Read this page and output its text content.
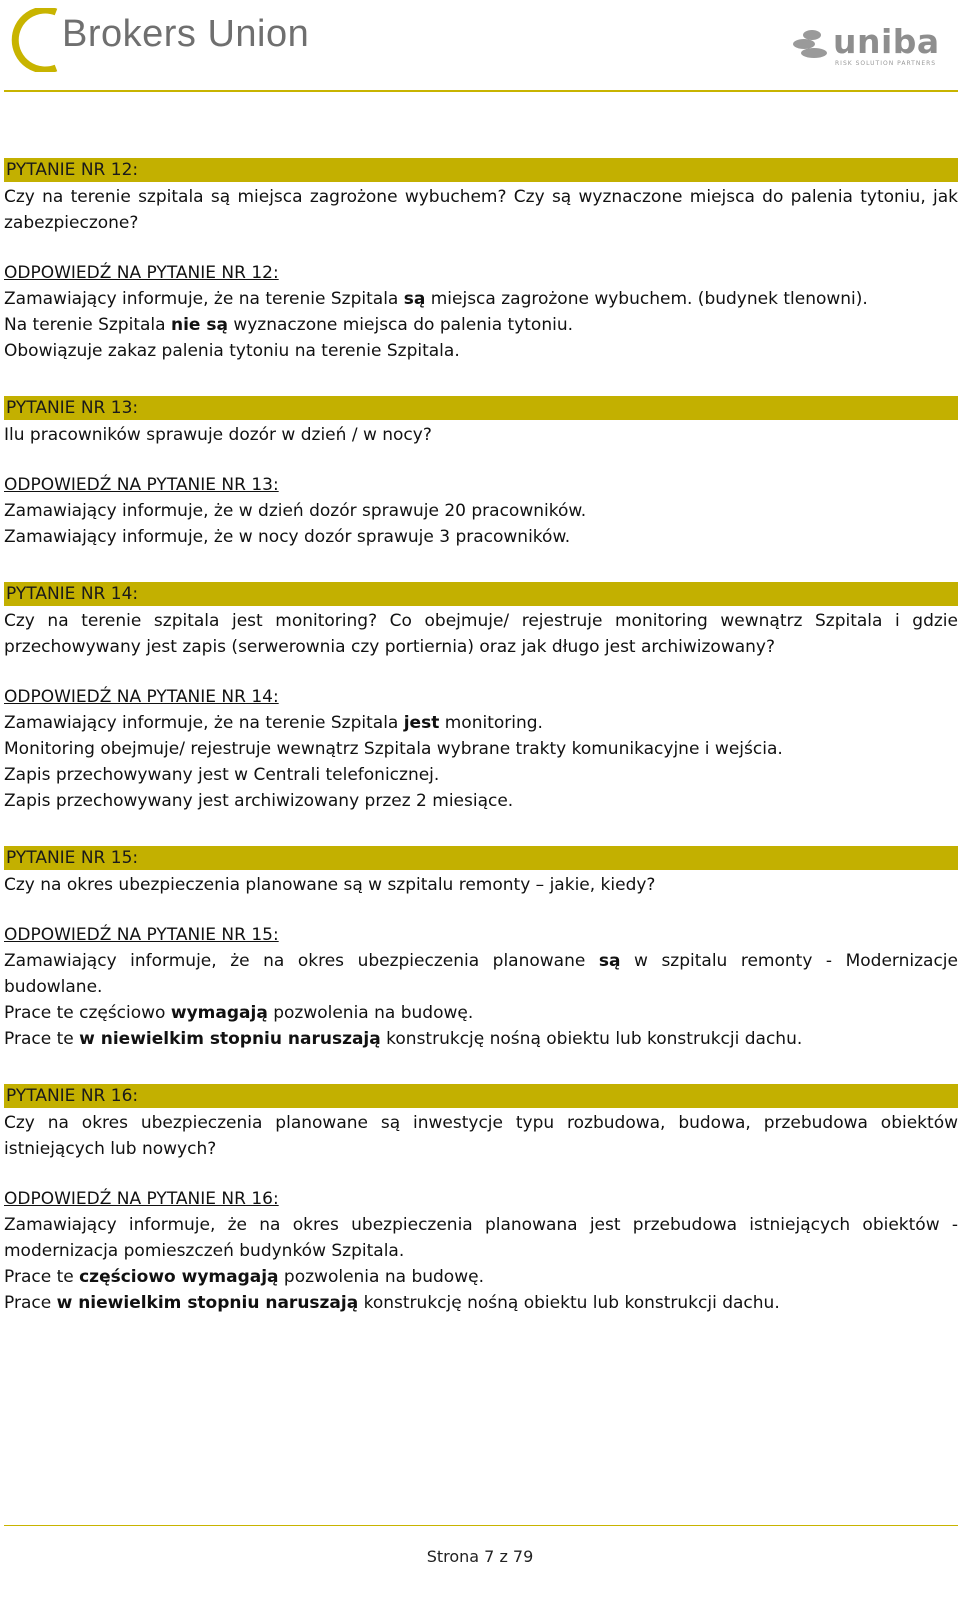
Brokers Union	uniba
RISK SOLUTION PARTNERS
PYTANIE NR 12:

Czy na terenie szpitala są miejsca zagrożone wybuchem? Czy są wyznaczone miejsca do palenia tytoniu, jak zabezpieczone?

ODPOWIEDŹ NA PYTANIE NR 12:

Zamawiający informuje, że na terenie Szpitala są miejsca zagrożone wybuchem. (budynek tlenowni).

Na terenie Szpitala nie są wyznaczone miejsca do palenia tytoniu.

Obowiązuje zakaz palenia tytoniu na terenie Szpitala.

PYTANIE NR 13:

Ilu pracowników sprawuje dozór w dzień / w nocy?

ODPOWIEDŹ NA PYTANIE NR 13:

Zamawiający informuje, że w dzień dozór sprawuje 20 pracowników.

Zamawiający informuje, że w nocy dozór sprawuje 3 pracowników.

PYTANIE NR 14:

Czy na terenie szpitala jest monitoring? Co obejmuje/ rejestruje monitoring wewnątrz Szpitala i gdzie przechowywany jest zapis (serwerownia czy portiernia) oraz jak długo jest archiwizowany?

ODPOWIEDŹ NA PYTANIE NR 14:

Zamawiający informuje, że na terenie Szpitala jest monitoring.

Monitoring obejmuje/ rejestruje wewnątrz Szpitala wybrane trakty komunikacyjne i wejścia.

Zapis przechowywany jest w Centrali telefonicznej.

Zapis przechowywany jest archiwizowany przez 2 miesiące.

PYTANIE NR 15:

Czy na okres ubezpieczenia planowane są w szpitalu remonty – jakie, kiedy?

ODPOWIEDŹ NA PYTANIE NR 15:

Zamawiający informuje, że na okres ubezpieczenia planowane są w szpitalu remonty - Modernizacje budowlane.

Prace te częściowo wymagają pozwolenia na budowę.

Prace te w niewielkim stopniu naruszają konstrukcję nośną obiektu lub konstrukcji dachu.

PYTANIE NR 16:

Czy na okres ubezpieczenia planowane są inwestycje typu rozbudowa, budowa, przebudowa obiektów istniejących lub nowych?

ODPOWIEDŹ NA PYTANIE NR 16:

Zamawiający informuje, że na okres ubezpieczenia planowana jest przebudowa istniejących obiektów - modernizacja pomieszczeń budynków Szpitala.

Prace te częściowo wymagają pozwolenia na budowę.

Prace w niewielkim stopniu naruszają konstrukcję nośną obiektu lub konstrukcji dachu.

Strona 7 z 79
